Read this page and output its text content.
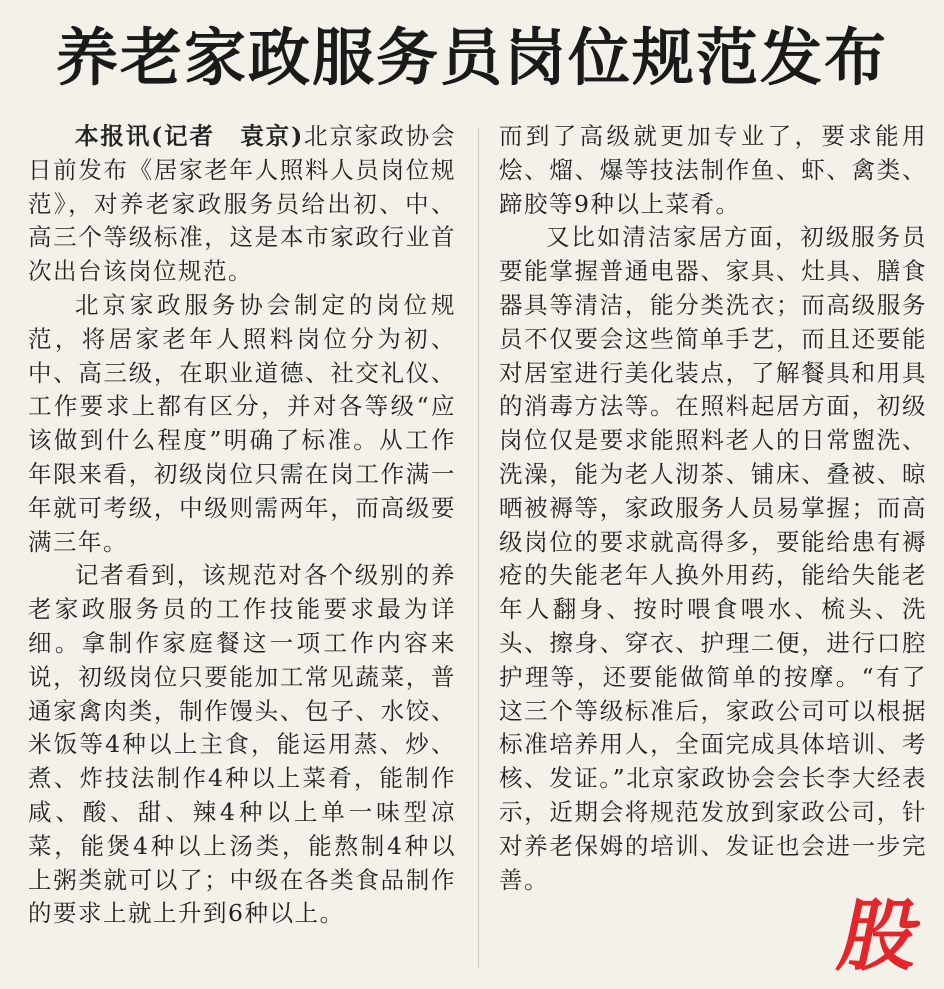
养老家政服务员岗位规范发布

本报讯(记者　袁京)北京家政协会日前发布《居家老年人照料人员岗位规范》，对养老家政服务员给出初、中、高三个等级标准，这是本市家政行业首次出台该岗位规范。

北京家政服务协会制定的岗位规范，将居家老年人照料岗位分为初、中、高三级，在职业道德、社交礼仪、工作要求上都有区分，并对各等级“应该做到什么程度”明确了标准。从工作年限来看，初级岗位只需在岗工作满一年就可考级，中级则需两年，而高级要满三年。

记者看到，该规范对各个级别的养老家政服务员的工作技能要求最为详细。拿制作家庭餐这一项工作内容来说，初级岗位只要能加工常见蔬菜，普通家禽肉类，制作馒头、包子、水饺、米饭等4种以上主食，能运用蒸、炒、煮、炸技法制作4种以上菜肴，能制作咸、酸、甜、辣4种以上单一味型凉菜，能煲4种以上汤类，能熬制4种以上粥类就可以了；中级在各类食品制作的要求上就上升到6种以上。

而到了高级就更加专业了，要求能用烩、熘、爆等技法制作鱼、虾、禽类、蹄胶等9种以上菜肴。

又比如清洁家居方面，初级服务员要能掌握普通电器、家具、灶具、膳食器具等清洁，能分类洗衣；而高级服务员不仅要会这些简单手艺，而且还要能对居室进行美化装点，了解餐具和用具的消毒方法等。在照料起居方面，初级岗位仅是要求能照料老人的日常盥洗、洗澡，能为老人沏茶、铺床、叠被、晾晒被褥等，家政服务人员易掌握；而高级岗位的要求就高得多，要能给患有褥疮的失能老年人换外用药，能给失能老年人翻身、按时喂食喂水、梳头、洗头、擦身、穿衣、护理二便，进行口腔护理等，还要能做简单的按摩。“有了这三个等级标准后，家政公司可以根据标准培养用人，全面完成具体培训、考核、发证。”北京家政协会会长李大经表示，近期会将规范发放到家政公司，针对养老保姆的培训、发证也会进一步完善。

股
